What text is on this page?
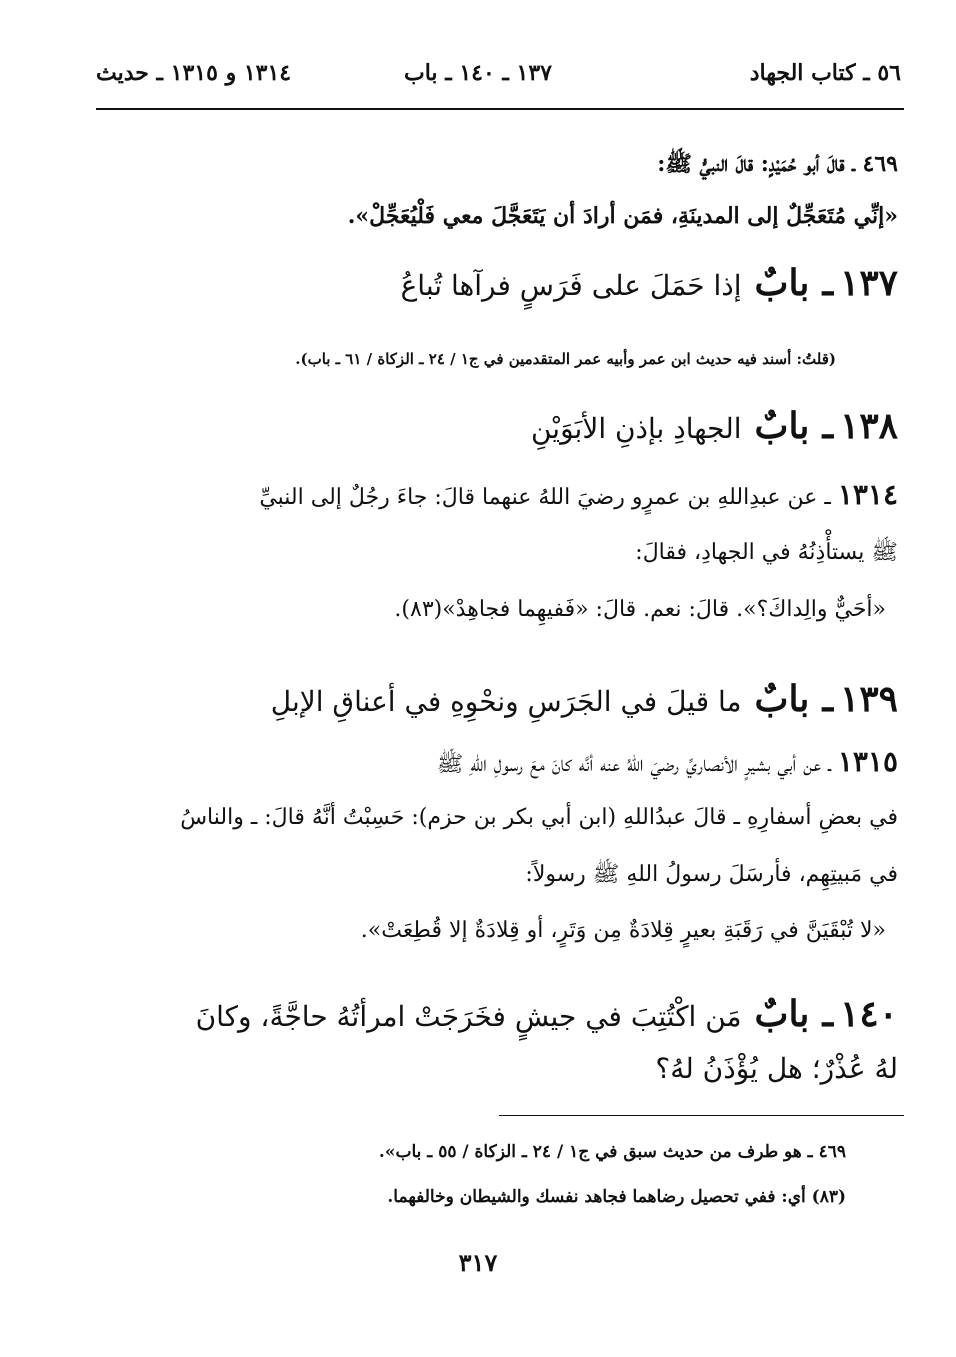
٥٦ ـ كتاب الجهاد
١٣٧ ـ ١٤٠ ـ باب
١٣١٤ و ١٣١٥ ـ حديث
٤٦٩ ـ قالَ أبو حُمَيْدٍ: قالَ النبيُّ ﷺ:
«إنِّي مُتَعَجِّلٌ إلى المدينَةِ، فمَن أرادَ أن يَتَعَجَّلَ معي فَلْيُعَجِّلْ».
١٣٧ ـ بابٌ إذا حَمَلَ على فَرَسٍ فرآها تُباعُ
(قلتُ: أسند فيه حديث ابن عمر وأبيه عمر المتقدمين في ج١ / ٢٤ ـ الزكاة / ٦١ ـ باب).
١٣٨ ـ بابٌ الجهادِ بإذنِ الأبَوَيْنِ
١٣١٤ ـ عن عبدِاللهِ بن عمرٍو رضيَ اللهُ عنهما قالَ: جاءَ رجُلٌ إلى النبيِّ
ﷺ يستأْذِنُهُ في الجهادِ، فقالَ:
«أحَيٌّ والِداكَ؟». قالَ: نعم. قالَ: «فَفيهِما فجاهِدْ»(٨٣).
١٣٩ ـ بابٌ ما قيلَ في الجَرَسِ ونحْوِهِ في أعناقِ الإبلِ
١٣١٥ ـ عن أبي بشيرٍ الأنصاريِّ رضيَ اللهُ عنه أنَّه كانَ معَ رسولِ اللهِ ﷺ
في بعضِ أسفارِهِ ـ قالَ عبدُاللهِ (ابن أبي بكر بن حزم): حَسِبْتُ أنَّهُ قالَ: ـ والناسُ
في مَبيتِهِم، فأرسَلَ رسولُ اللهِ ﷺ رسولاً:
«لا تُبْقَيَنَّ في رَقَبَةِ بعيرٍ قِلادَةٌ مِن وَتَرٍ، أو قِلادَةٌ إلا قُطِعَتْ».
١٤٠ ـ بابٌ مَن اكْتُتِبَ في جيشٍ فخَرَجَتْ امرأتُهُ حاجَّةً، وكانَ
لهُ عُذْرٌ؛ هل يُؤْذَنُ لهُ؟
٤٦٩ ـ هو طرف من حديث سبق في ج١ / ٢٤ ـ الزكاة / ٥٥ ـ باب».
(٨٣) أي: ففي تحصيل رضاهما فجاهد نفسك والشيطان وخالفهما.
٣١٧
